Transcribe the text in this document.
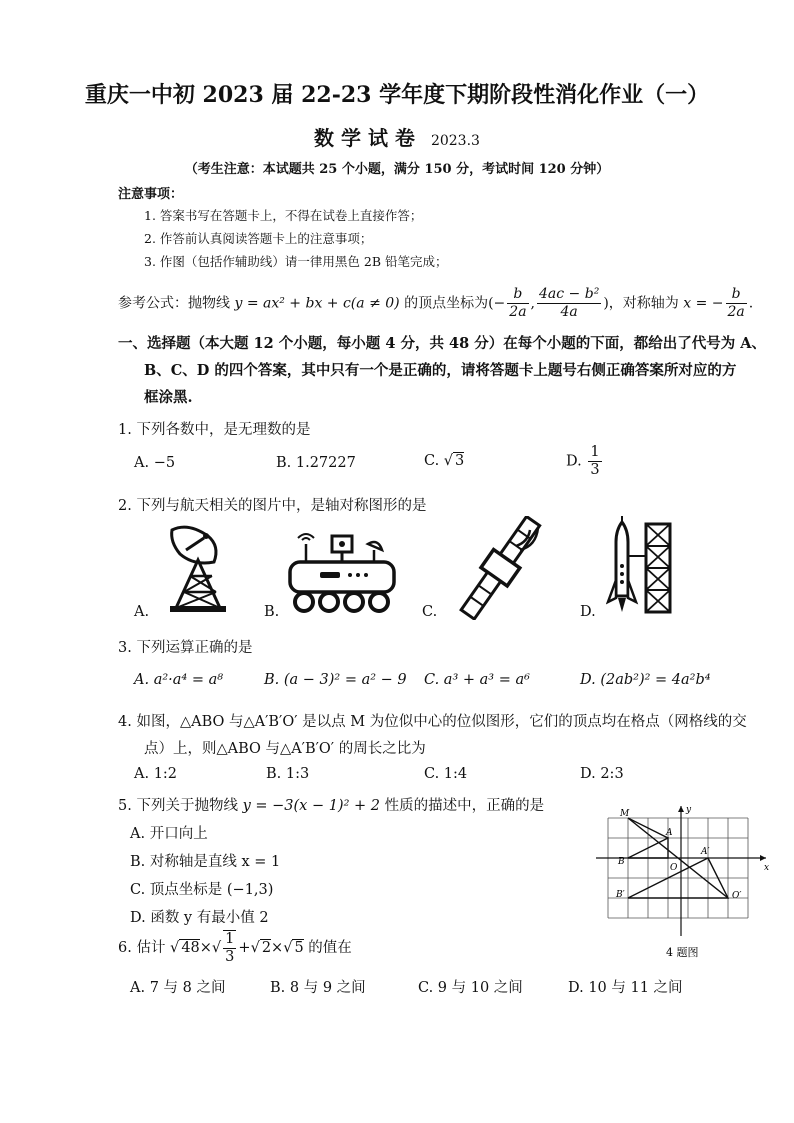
重庆一中初 2023 届 22-23 学年度下期阶段性消化作业（一）
数 学 试 卷 2023.3
（考生注意：本试题共 25 个小题，满分 150 分，考试时间 120 分钟）
注意事项：
1. 答案书写在答题卡上，不得在试卷上直接作答；
2. 作答前认真阅读答题卡上的注意事项；
3. 作图（包括作辅助线）请一律用黑色 2B 铅笔完成；
参考公式：抛物线 y = ax² + bx + c(a ≠ 0) 的顶点坐标为(− $\frac{b}{2a}$ , $\frac{\text{4ac − b²}}{4a}$ )，对称轴为 x = − $\frac{b}{2a}$ .
一、选择题（本大题 12 个小题，每小题 4 分，共 48 分）在每个小题的下面，都给出了代号为 A、
B、C、D 的四个答案，其中只有一个是正确的，请将答题卡上题号右侧正确答案所对应的方
框涂黑.
1. 下列各数中，是无理数的是
A. −5	B. 1.27227	C. √ 3	D. $\frac{1}{3}$
2. 下列与航天相关的图片中，是轴对称图形的是
A.	B.	C.	D.
3. 下列运算正确的是
A. a²·a⁴ = a⁸	B. (a − 3)² = a² − 9 C. a³ + a³ = a⁶	D. (2ab²)² = 4a²b⁴
4. 如图，△ABO 与△A′B′O′ 是以点 M 为位似中心的位似图形，它们的顶点均在格点（网格线的交
点）上，则△ABO 与△A′B′O′ 的周长之比为
A. 1:2	B. 1:3	C. 1:4	D. 2:3
M
A
B
O
A′
B′	O′
y
x
4 题图
5. 下列关于抛物线 y = −3(x − 1)² + 2 性质的描述中，正确的是
A. 开口向上
B. 对称轴是直线 x = 1
C. 顶点坐标是 (−1,3)
D. 函数 y 有最小值 2
6. 估计 √ $48\times√ \frac{1}{3}$ +√ 2×√ 5 的值在
A. 7 与 8 之间	B. 8 与 9 之间	C. 9 与 10 之间	D. 10 与 11 之间
